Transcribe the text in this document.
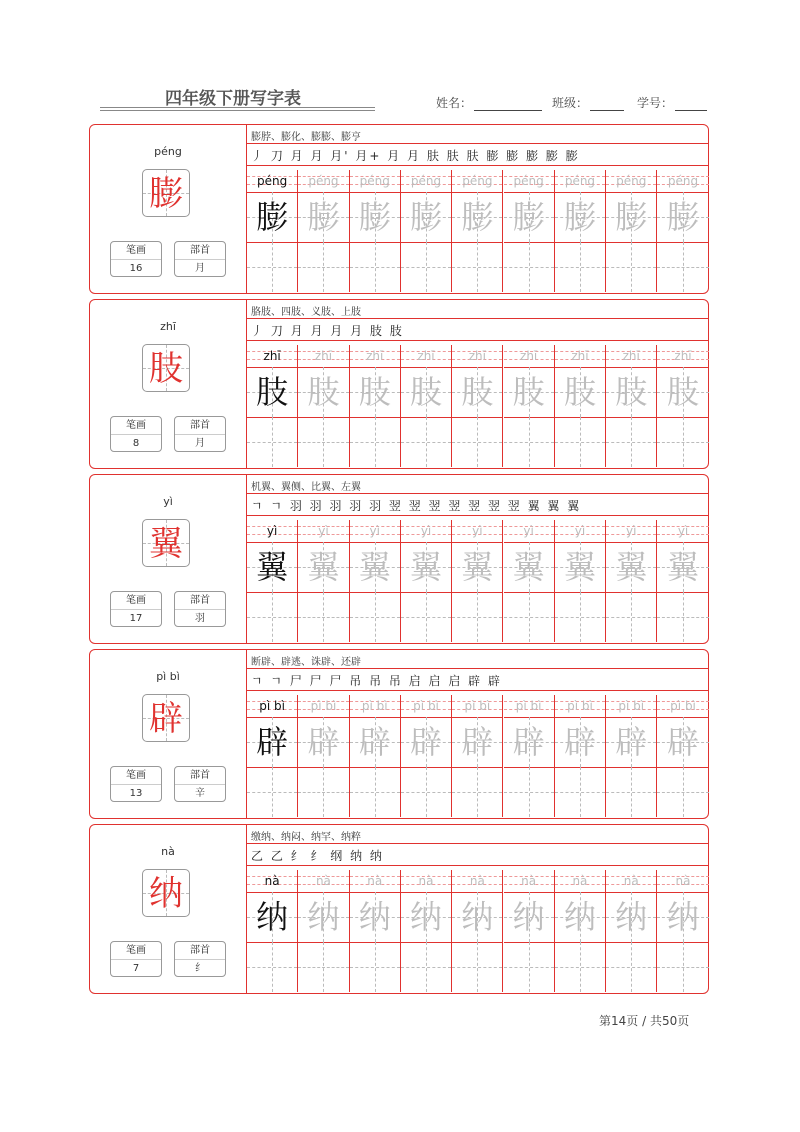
四年级下册写字表	姓名：	班级：	学号：
péng
膨
笔画
16
部首
月
膨脖、膨化、膨膨、膨亨
丿 刀 月 月 月' 月+ 月 月 肤 肤 肤 膨 膨 膨 膨 膨
péng
膨
péng
膨
péng
膨
péng
膨
péng
膨
péng
膨
péng
膨
péng
膨
péng
膨
zhī
肢
笔画
8
部首
月
胳肢、四肢、义肢、上肢
丿 刀 月 月 月 月 肢 肢
zhī
肢
zhī
肢
zhī
肢
zhī
肢
zhī
肢
zhī
肢
zhī
肢
zhī
肢
zhī
肢
yì
翼
笔画
17
部首
羽
机翼、翼侧、比翼、左翼
ㄱ ㄱ 羽 羽 羽 羽 羽 翌 翌 翌 翌 翌 翌 翌 翼 翼 翼
yì
翼
yì
翼
yì
翼
yì
翼
yì
翼
yì
翼
yì
翼
yì
翼
yì
翼
pì bì
辟
笔画
13
部首
辛
断辟、辟逃、诛辟、还辟
ㄱ ㄱ 尸 尸 尸 吊 吊 吊 启 启 启 辟 辟
pì bì
辟
pì bì
辟
pì bì
辟
pì bì
辟
pì bì
辟
pì bì
辟
pì bì
辟
pì bì
辟
pì bì
辟
nà
纳
笔画
7
部首
纟
缴纳、纳闷、纳罕、纳粹
乙 乙 纟 纟 纲 纳 纳
nà
纳
nà
纳
nà
纳
nà
纳
nà
纳
nà
纳
nà
纳
nà
纳
nà
纳
第14页 / 共50页
